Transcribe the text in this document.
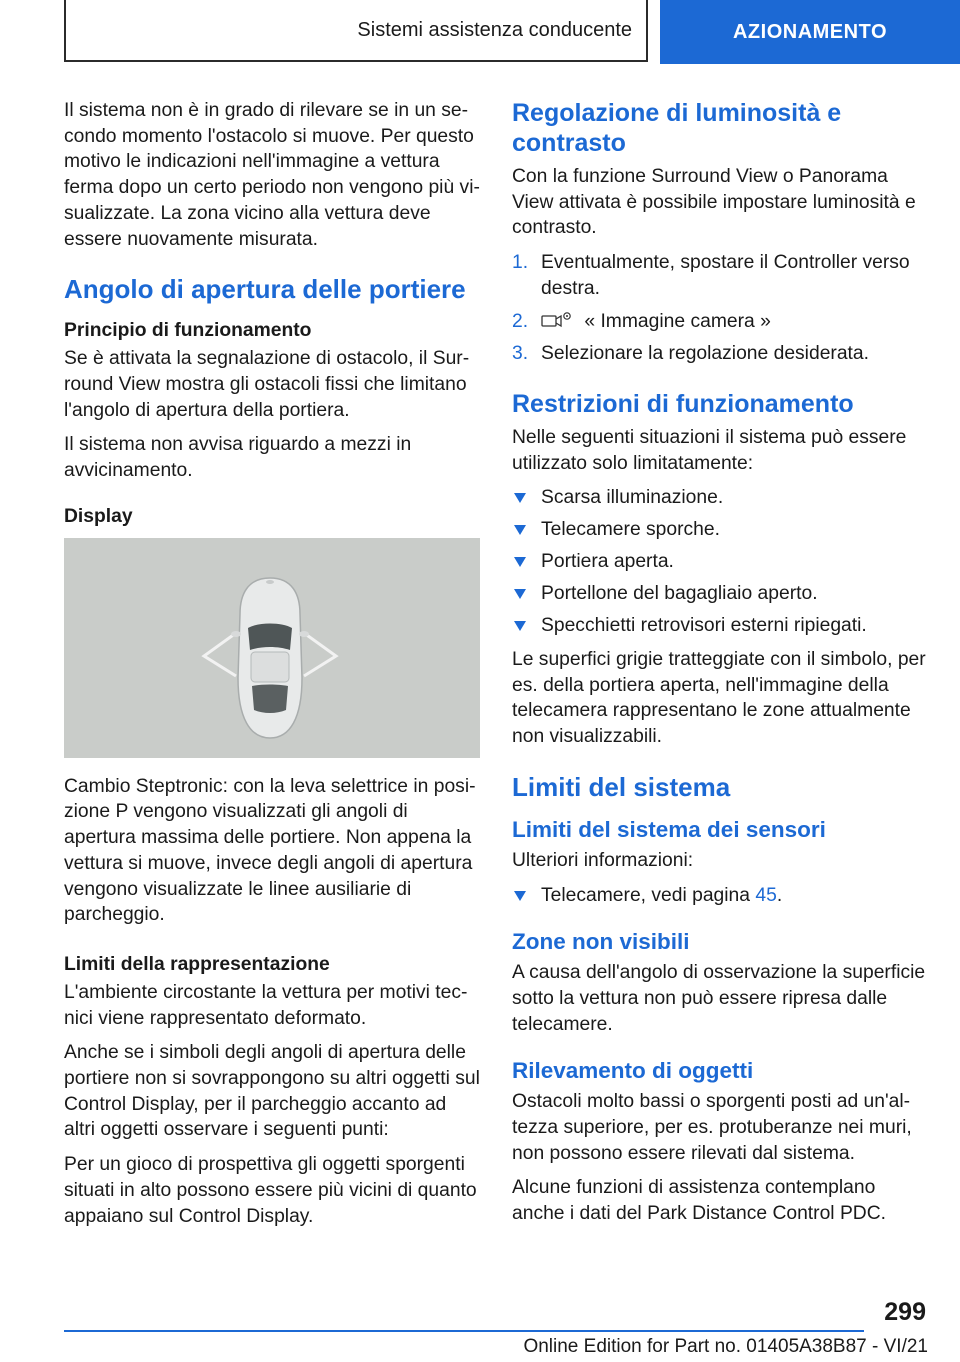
Sistemi assistenza conducente	AZIONAMENTO

Il sistema non è in grado di rilevare se in un secondo momento l'ostacolo si muove. Per questo motivo le indicazioni nell'immagine a vettura ferma dopo un certo periodo non vengono più visualizzate. La zona vicino alla vettura deve essere nuovamente misurata.

Angolo di apertura delle portiere
Principio di funzionamento

Se è attivata la segnalazione di ostacolo, il Surround View mostra gli ostacoli fissi che limitano l'angolo di apertura della portiera.

Il sistema non avvisa riguardo a mezzi in avvicinamento.

Display

Cambio Steptronic: con la leva selettrice in posizione P vengono visualizzati gli angoli di apertura massima delle portiere. Non appena la vettura si muove, invece degli angoli di apertura vengono visualizzate le linee ausiliarie di parcheggio.

Limiti della rappresentazione

L'ambiente circostante la vettura per motivi tecnici viene rappresentato deformato.

Anche se i simboli degli angoli di apertura delle portiere non si sovrappongono su altri oggetti sul Control Display, per il parcheggio accanto ad altri oggetti osservare i seguenti punti:

Per un gioco di prospettiva gli oggetti sporgenti situati in alto possono essere più vicini di quanto appaiano sul Control Display.

Regolazione di luminosità e contrasto

Con la funzione Surround View o Panorama View attivata è possibile impostare luminosità e contrasto.

1. Eventualmente, spostare il Controller verso destra.
2.	« Immagine camera »
3. Selezionare la regolazione desiderata.
Restrizioni di funzionamento

Nelle seguenti situazioni il sistema può essere utilizzato solo limitatamente:

Scarsa illuminazione.
Telecamere sporche.
Portiera aperta.
Portellone del bagagliaio aperto.
Specchietti retrovisori esterni ripiegati.

Le superfici grigie tratteggiate con il simbolo, per es. della portiera aperta, nell'immagine della telecamera rappresentano le zone attualmente non visualizzabili.

Limiti del sistema
Limiti del sistema dei sensori

Ulteriori informazioni:

Telecamere, vedi pagina 45.
Zone non visibili

A causa dell'angolo di osservazione la superficie sotto la vettura non può essere ripresa dalle telecamere.

Rilevamento di oggetti

Ostacoli molto bassi o sporgenti posti ad un'altezza superiore, per es. protuberanze nei muri, non possono essere rilevati dal sistema.

Alcune funzioni di assistenza contemplano anche i dati del Park Distance Control PDC.

299
Online Edition for Part no. 01405A38B87 - VI/21
